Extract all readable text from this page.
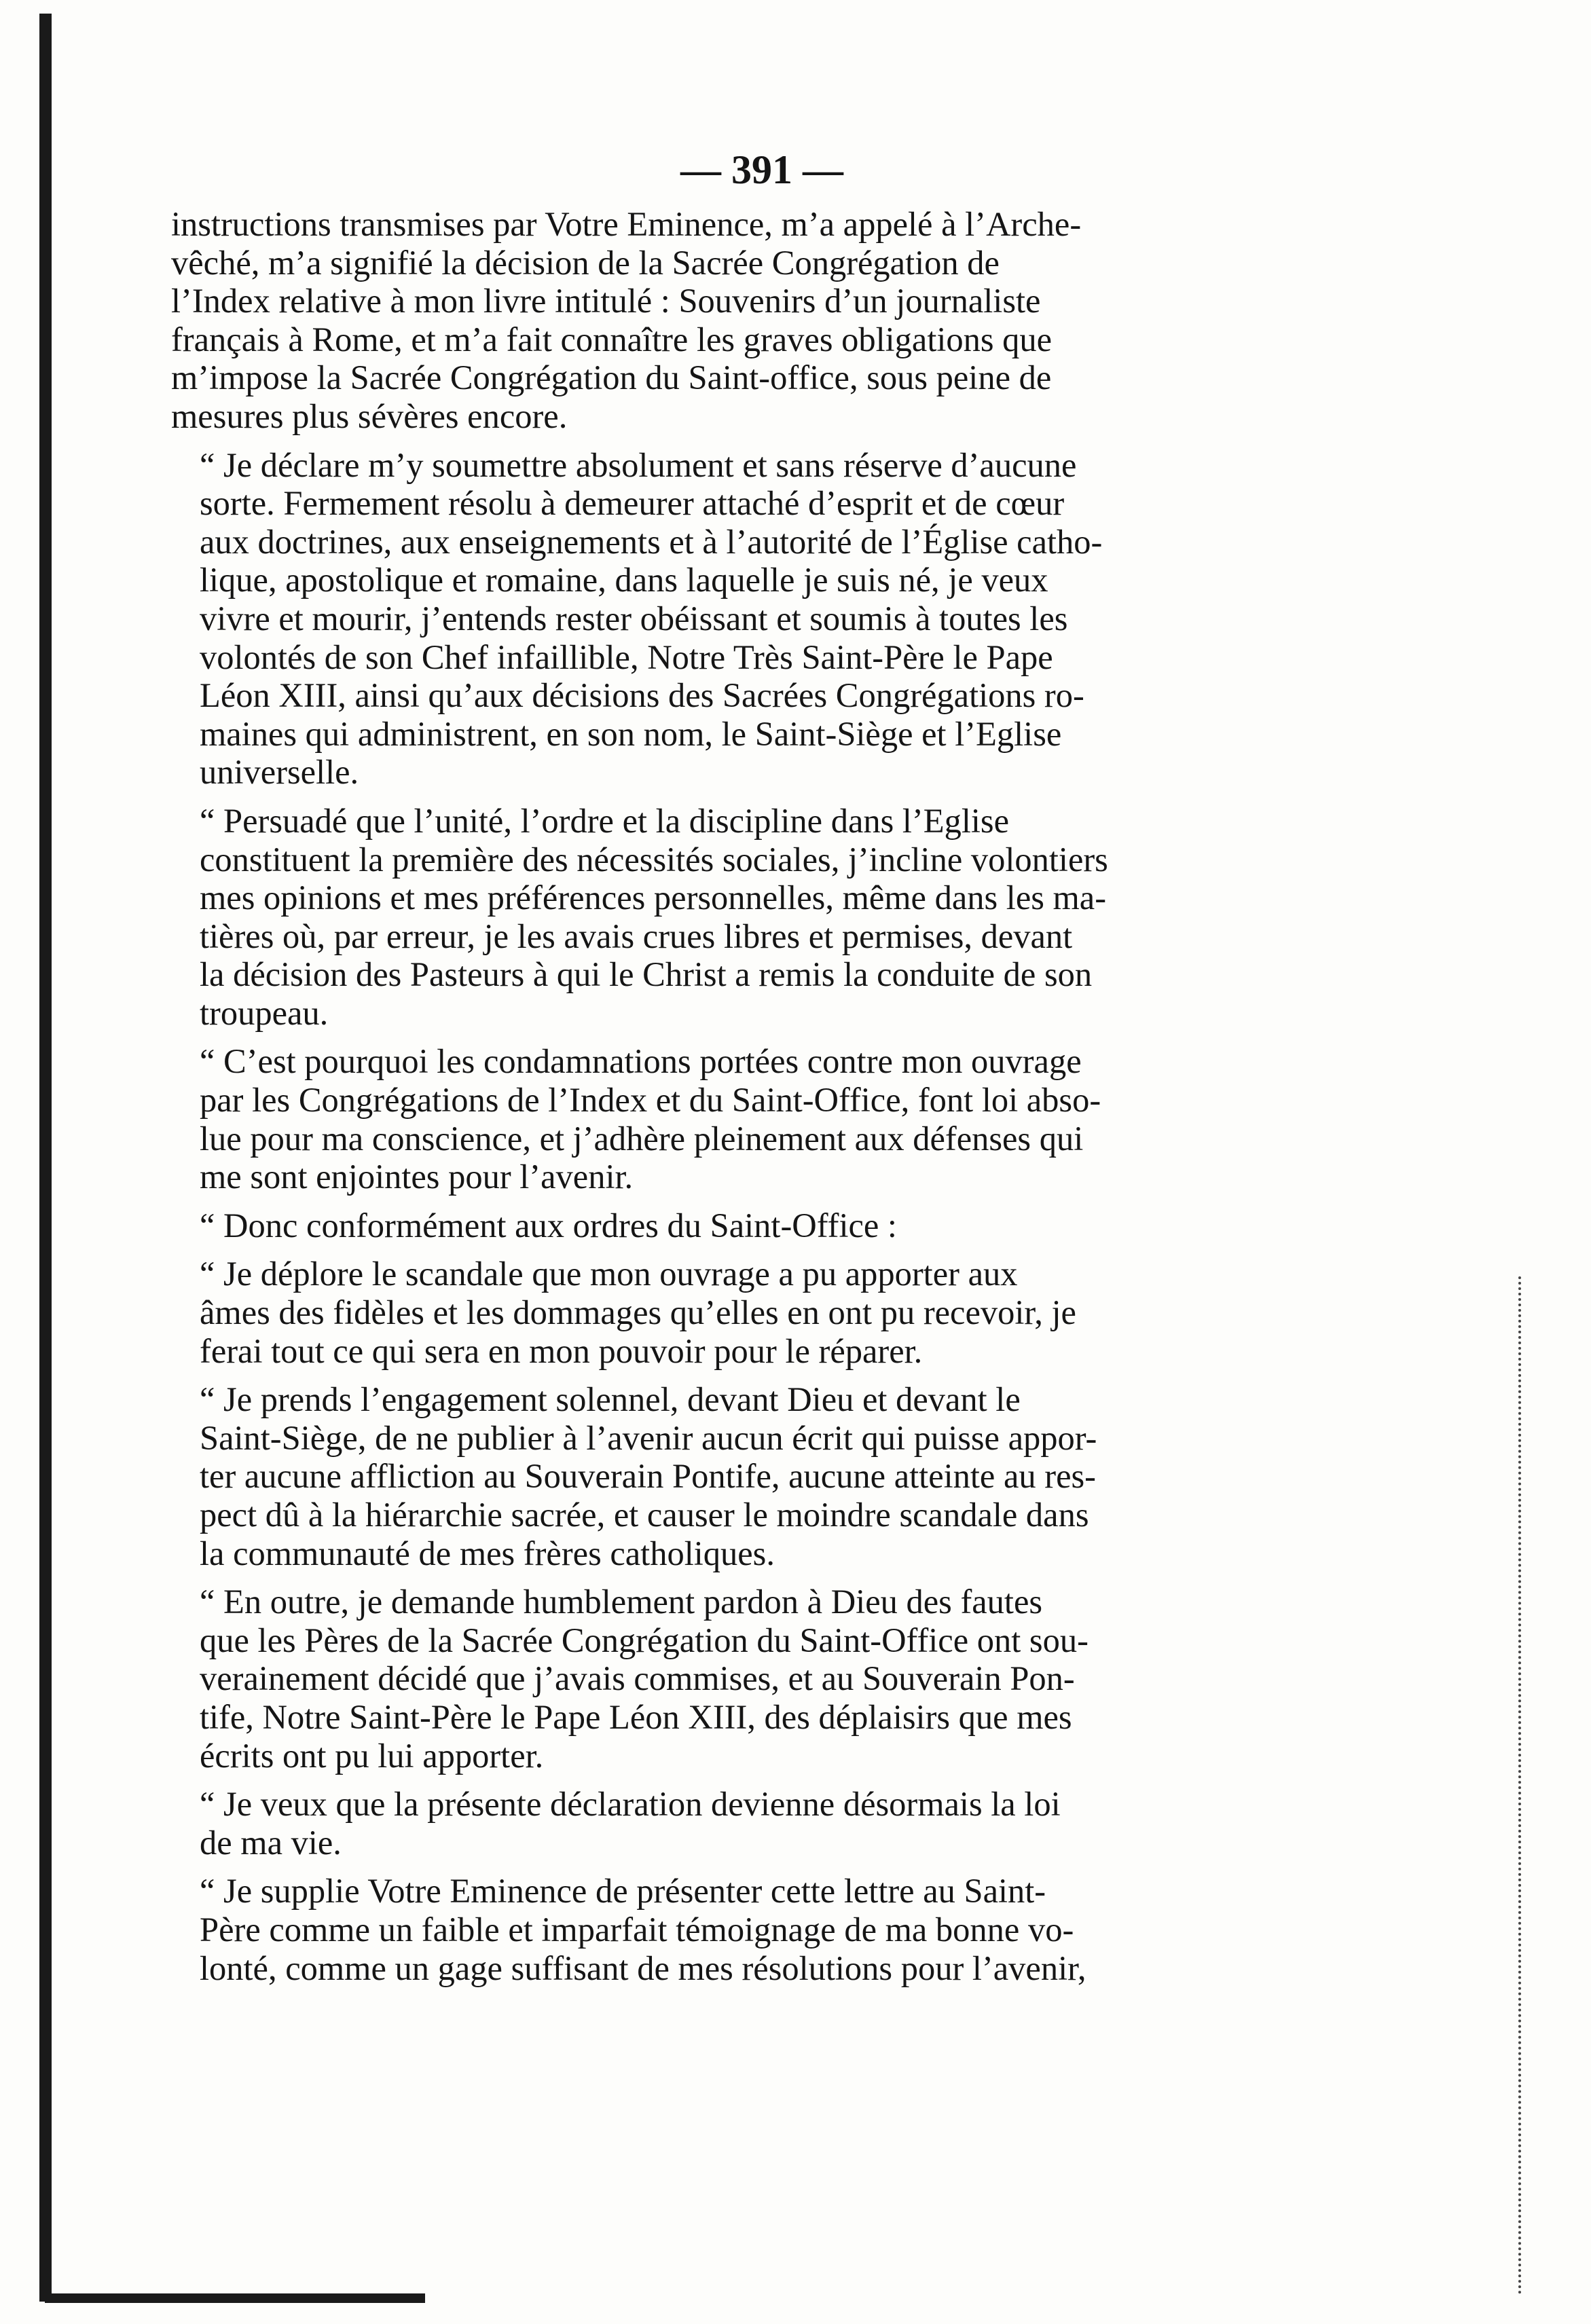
— 391 —
instructions transmises par Votre Eminence, m’a appelé à l’Arche-
vêché, m’a signifié la décision de la Sacrée Congrégation de
l’Index relative à mon livre intitulé : Souvenirs d’un journaliste
français à Rome, et m’a fait connaître les graves obligations que
m’impose la Sacrée Congrégation du Saint-office, sous peine de
mesures plus sévères encore.
“ Je déclare m’y soumettre absolument et sans réserve d’aucune
sorte. Fermement résolu à demeurer attaché d’esprit et de cœur
aux doctrines, aux enseignements et à l’autorité de l’Église catho-
lique, apostolique et romaine, dans laquelle je suis né, je veux
vivre et mourir, j’entends rester obéissant et soumis à toutes les
volontés de son Chef infaillible, Notre Très Saint-Père le Pape
Léon XIII, ainsi qu’aux décisions des Sacrées Congrégations ro-
maines qui administrent, en son nom, le Saint-Siège et l’Eglise
universelle.
“ Persuadé que l’unité, l’ordre et la discipline dans l’Eglise
constituent la première des nécessités sociales, j’incline volontiers
mes opinions et mes préférences personnelles, même dans les ma-
tières où, par erreur, je les avais crues libres et permises, devant
la décision des Pasteurs à qui le Christ a remis la conduite de son
troupeau.
“ C’est pourquoi les condamnations portées contre mon ouvrage
par les Congrégations de l’Index et du Saint-Office, font loi abso-
lue pour ma conscience, et j’adhère pleinement aux défenses qui
me sont enjointes pour l’avenir.
“ Donc conformément aux ordres du Saint-Office :
“ Je déplore le scandale que mon ouvrage a pu apporter aux
âmes des fidèles et les dommages qu’elles en ont pu recevoir, je
ferai tout ce qui sera en mon pouvoir pour le réparer.
“ Je prends l’engagement solennel, devant Dieu et devant le
Saint-Siège, de ne publier à l’avenir aucun écrit qui puisse appor-
ter aucune affliction au Souverain Pontife, aucune atteinte au res-
pect dû à la hiérarchie sacrée, et causer le moindre scandale dans
la communauté de mes frères catholiques.
“ En outre, je demande humblement pardon à Dieu des fautes
que les Pères de la Sacrée Congrégation du Saint-Office ont sou-
verainement décidé que j’avais commises, et au Souverain Pon-
tife, Notre Saint-Père le Pape Léon XIII, des déplaisirs que mes
écrits ont pu lui apporter.
“ Je veux que la présente déclaration devienne désormais la loi
de ma vie.
“ Je supplie Votre Eminence de présenter cette lettre au Saint-
Père comme un faible et imparfait témoignage de ma bonne vo-
lonté, comme un gage suffisant de mes résolutions pour l’avenir,
